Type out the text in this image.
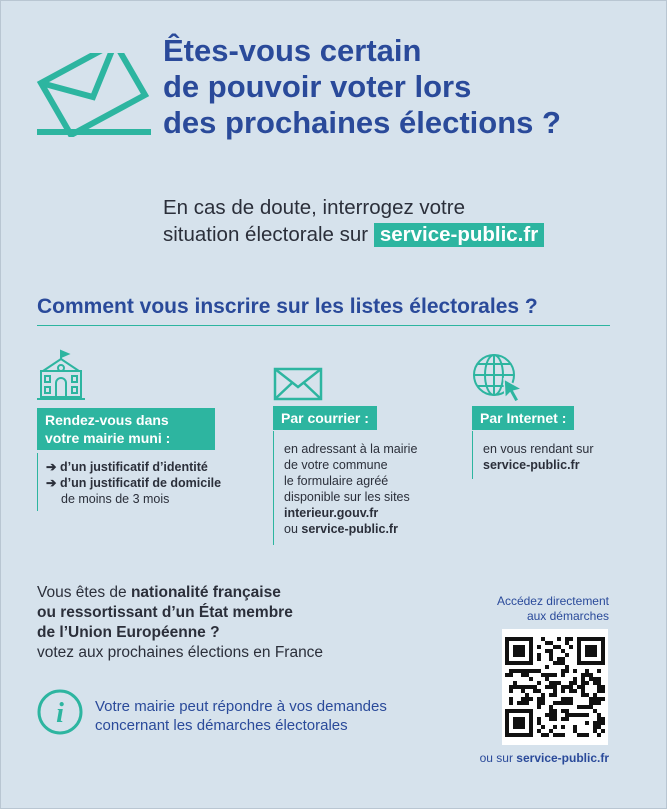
Êtes-vous certain
de pouvoir voter lors
des prochaines élections ?
En cas de doute, interrogez votre
situation électorale sur service-public.fr
Comment vous inscrire sur les listes électorales ?
Rendez-vous dans
votre mairie muni :
➔ d’un justificatif d’identité
➔ d’un justificatif de domicile
de moins de 3 mois
Par courrier :
en adressant à la mairie
de votre commune
le formulaire agréé
disponible sur les sites
interieur.gouv.fr
ou service-public.fr
Par Internet :
en vous rendant sur
service-public.fr
Vous êtes de nationalité française
ou ressortissant d’un État membre
de l’Union Européenne ?
votez aux prochaines élections en France
i Votre mairie peut répondre à vos demandes
concernant les démarches électorales
Accédez directement
aux démarches
ou sur service-public.fr
